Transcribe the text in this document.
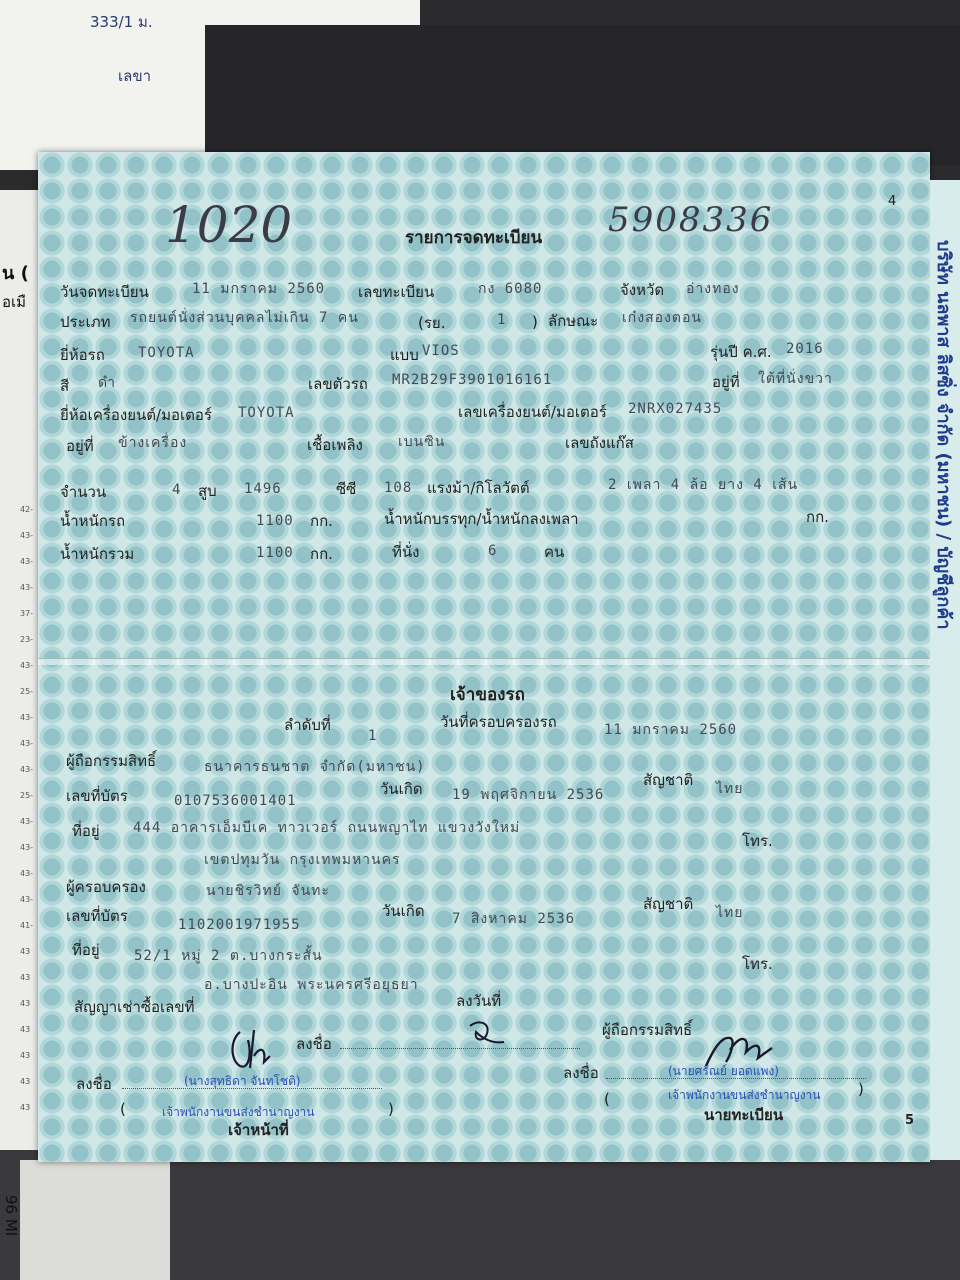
333/1 ม.
เลขา
น (
อเมื
96 MI
บริษัท นลพาส ลิสซิ่ง จำกัด (มหาชน) / บัญชีลูกค้า
4
1020	5908336
รายการจดทะเบียน
วันจดทะเบียน	11 มกราคม 2560 เลขทะเบียน	กง 6080	จังหวัด อ่างทอง
ประเภท รถยนต์นั่งส่วนบุคคลไม่เกิน 7 คน	(รย.	1 ) ลักษณะ เก๋งสองตอน
ยี่ห้อรถ TOYOTA	แบบ VIOS	รุ่นปี ค.ศ. 2016
สี ดำ	เลขตัวรถ MR2B29F3901016161	อยู่ที่ ใต้ที่นั่งขวา
ยี่ห้อเครื่องยนต์/มอเตอร์ TOYOTA	เลขเครื่องยนต์/มอเตอร์ 2NRX027435
อยู่ที่ ข้างเครื่อง	เชื้อเพลิง	เบนซิน	เลขถังแก๊ส
จำนวน	4 สูบ 1496	ซีซี 108 แรงม้า/กิโลวัตต์	2 เพลา 4 ล้อ ยาง 4 เส้น
น้ำหนักรถ	1100 กก.	น้ำหนักบรรทุก/น้ำหนักลงเพลา	กก.
น้ำหนักรวม	1100 กก.	ที่นั่ง	6	คน
เจ้าของรถ
ลำดับที่
1
วันที่ครอบครองรถ	11 มกราคม 2560
ผู้ถือกรรมสิทธิ์	ธนาคารธนชาต จำกัด(มหาชน)
เลขที่บัตร	0107536001401
วันเกิด 19 พฤศจิกายน 2536
สัญชาติ ไทย
ที่อยู่ 444 อาคารเอ็มบีเค ทาวเวอร์ ถนนพญาไท แขวงวังใหม่
เขตปทุมวัน กรุงเทพมหานคร
โทร.
ผู้ครอบครอง	นายชิรวิทย์ จันทะ
เลขที่บัตร	1102001971955
วันเกิด 7 สิงหาคม 2536
สัญชาติ ไทย
ที่อยู่ 52/1 หมู่ 2 ต.บางกระสั้น
อ.บางปะอิน พระนครศรีอยุธยา
โทร.
สัญญาเช่าซื้อเลขที่	ลงวันที่
ลงชื่อ
ผู้ถือกรรมสิทธิ์
ลงชื่อ	(นางสุทธิดา จันทโชติ)
(	เจ้าพนักงานขนส่งชำนาญงาน	)
เจ้าหน้าที่
ลงชื่อ	(นายศรัณย์ ยอดแพง)
(	เจ้าพนักงานขนส่งชำนาญงาน	)
นายทะเบียน	5
42-
43-
43-
43-
37-
23-
43-
25-
43-
43-
43-
25-
43-
43-
43-
43-
41-
43
43
43
43
43
43
43
